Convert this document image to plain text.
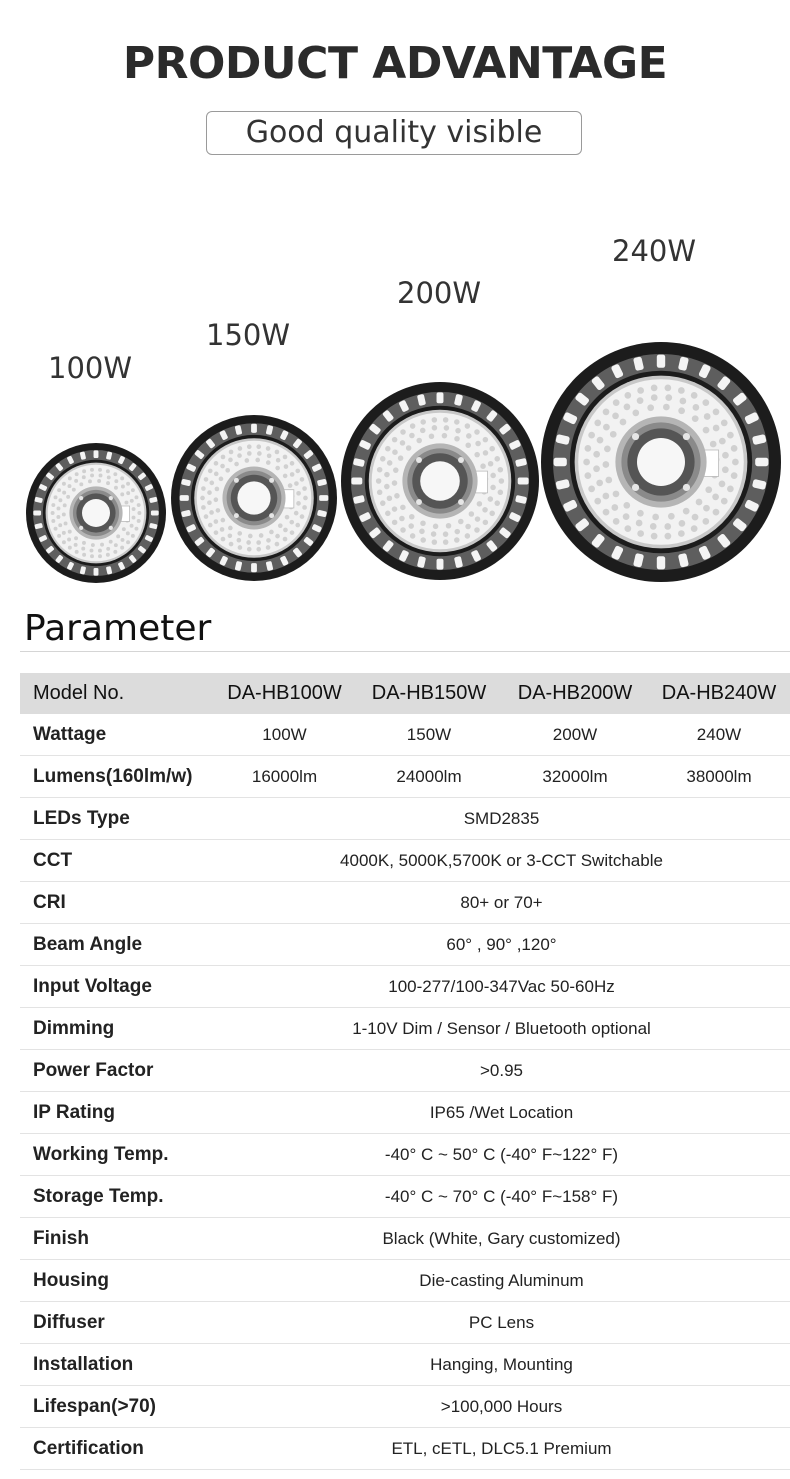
PRODUCT ADVANTAGE
Good quality visible
100W
150W
200W
240W
Parameter
Model No.	DA-HB100W	DA-HB150W	DA-HB200W	DA-HB240W
Wattage	100W	150W	200W	240W
Lumens(160lm/w)	16000lm	24000lm	32000lm	38000lm
LEDs Type	SMD2835			
CCT	4000K, 5000K,5700K or 3-CCT Switchable			
CRI	80+ or 70+			
Beam Angle	60° , 90° ,120°			
Input Voltage	100-277/100-347Vac 50-60Hz			
Dimming	1-10V Dim / Sensor / Bluetooth optional			
Power Factor	>0.95			
IP Rating	IP65 /Wet Location			
Working Temp.	-40° C ~ 50° C (-40° F~122° F)			
Storage Temp.	-40° C ~ 70° C (-40° F~158° F)			
Finish	Black (White, Gary customized)			
Housing	Die-casting Aluminum			
Diffuser	PC Lens			
Installation	Hanging, Mounting			
Lifespan(>70)	>100,000 Hours			
Certification	ETL, cETL, DLC5.1 Premium			
